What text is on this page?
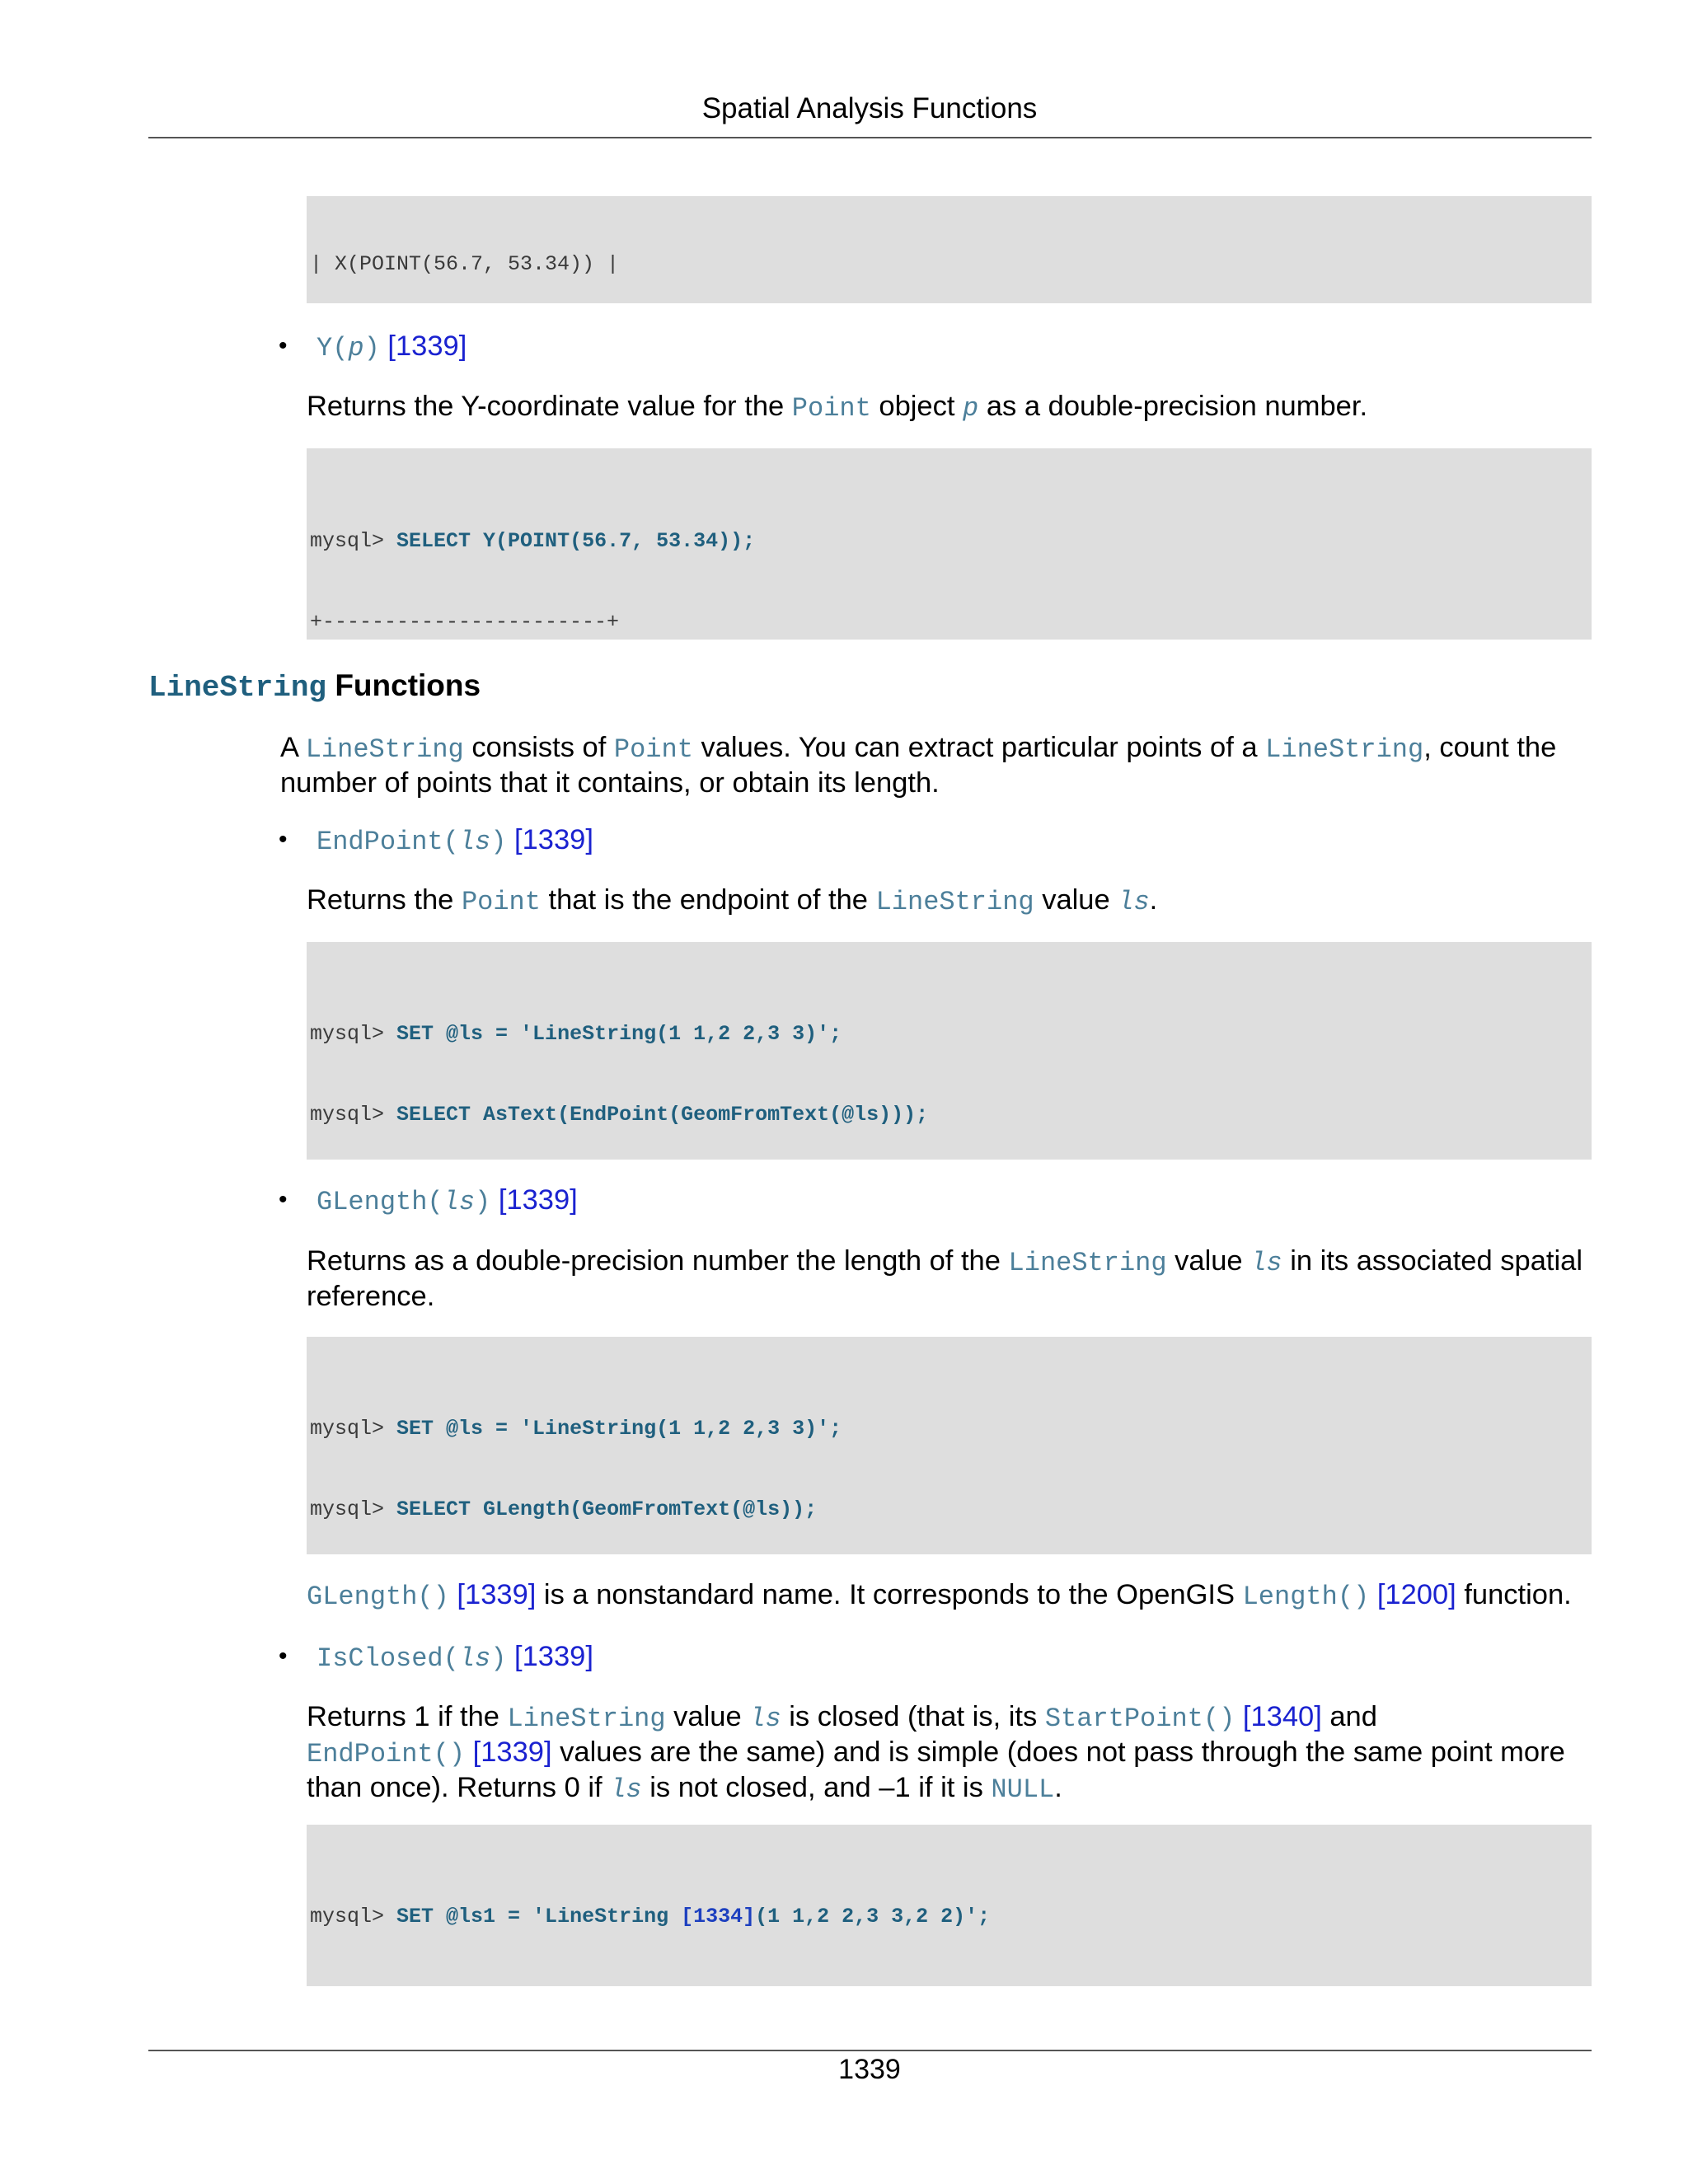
Spatial Analysis Functions

| X(POINT(56.7, 53.34)) |

• Y(p) [1339]
Returns the Y-coordinate value for the Point object p as a double-precision number.

mysql> SELECT Y(POINT(56.7, 53.34));

+-----------------------+

LineString Functions
A LineString consists of Point values. You can extract particular points of a LineString, count the
number of points that it contains, or obtain its length.
• EndPoint(ls) [1339]
Returns the Point that is the endpoint of the LineString value ls.

mysql> SET @ls = 'LineString(1 1,2 2,3 3)';

mysql> SELECT AsText(EndPoint(GeomFromText(@ls)));

• GLength(ls) [1339]
Returns as a double-precision number the length of the LineString value ls in its associated spatial
reference.

mysql> SET @ls = 'LineString(1 1,2 2,3 3)';

mysql> SELECT GLength(GeomFromText(@ls));

GLength() [1339] is a nonstandard name. It corresponds to the OpenGIS Length() [1200] function.
• IsClosed(ls) [1339]
Returns 1 if the LineString value ls is closed (that is, its StartPoint() [1340] and
EndPoint() [1339] values are the same) and is simple (does not pass through the same point more
than once). Returns 0 if ls is not closed, and –1 if it is NULL.

mysql> SET @ls1 = 'LineString [1334](1 1,2 2,3 3,2 2)';

1339
